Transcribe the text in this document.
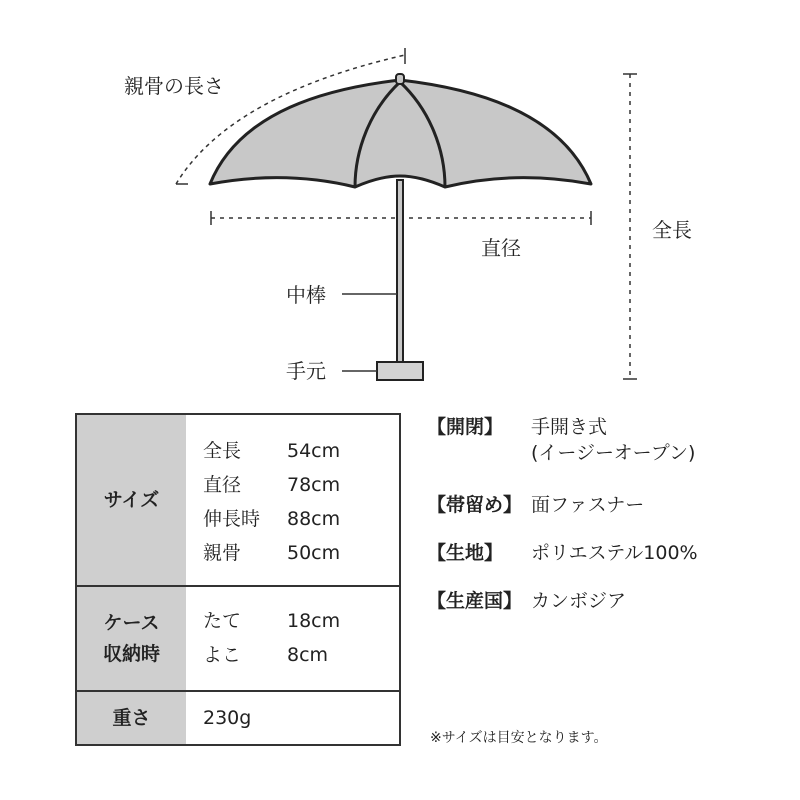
親骨の長さ
全長
直径
中棒
手元
サイズ
全長 54cm
直径 78cm
伸長時 88cm
親骨 50cm
ケース
収納時
たて 18cm
よこ 8cm
重さ	230g
【開閉】 手開き式
(イージーオープン)
【帯留め】 面ファスナー
【生地】 ポリエステル100%
【生産国】 カンボジア
※サイズは目安となります。
